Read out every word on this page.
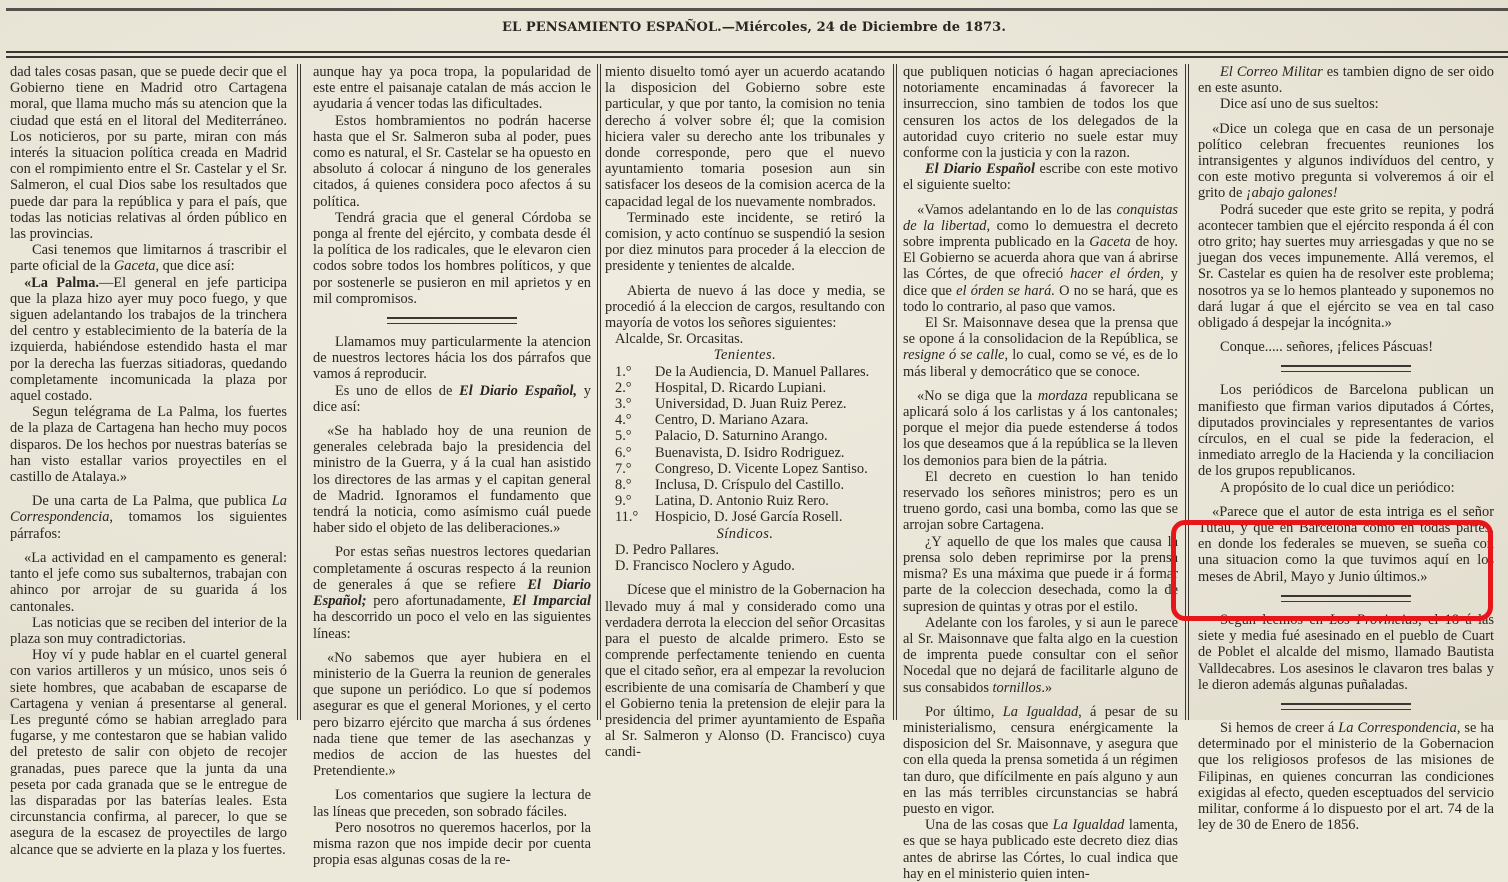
EL PENSAMIENTO ESPAÑOL.—Miércoles, 24 de Diciembre de 1873.

dad tales cosas pasan, que se puede decir que el Gobierno tiene en Madrid otro Cartagena moral, que llama mucho más su atencion que la ciudad que está en el litoral del Mediterráneo. Los noticieros, por su parte, miran con más interés la situacion política creada en Madrid con el rompimiento entre el Sr. Castelar y el Sr. Salmeron, el cual Dios sabe los resultados que puede dar para la república y para el país, que todas las noticias relativas al órden público en las provincias.

Casi tenemos que limitarnos á trascribir el parte oficial de la Gaceta, que dice así:

«La Palma.—El general en jefe participa que la plaza hizo ayer muy poco fuego, y que siguen adelantando los trabajos de la trinchera del centro y establecimiento de la batería de la izquierda, habiéndose estendido hasta el mar por la derecha las fuerzas sitiadoras, quedando completamente incomunicada la plaza por aquel costado.

Segun telégrama de La Palma, los fuertes de la plaza de Cartagena han hecho muy pocos disparos. De los hechos por nuestras baterías se han visto estallar varios proyectiles en el castillo de Atalaya.»

De una carta de La Palma, que publica La Correspondencia, tomamos los siguientes párrafos:

«La actividad en el campamento es general: tanto el jefe como sus subalternos, trabajan con ahinco por arrojar de su guarida á los cantonales.

Las noticias que se reciben del interior de la plaza son muy contradictorias.

Hoy ví y pude hablar en el cuartel general con varios artilleros y un músico, unos seis ó siete hombres, que acababan de escaparse de Cartagena y venian á presentarse al general. Les pregunté cómo se habian arreglado para fugarse, y me contestaron que se habian valido del pretesto de salir con objeto de recojer granadas, pues parece que la junta da una peseta por cada granada que se le entregue de las disparadas por las baterías leales. Esta circunstancia confirma, al parecer, lo que se asegura de la escasez de proyectiles de largo alcance que se advierte en la plaza y los fuertes.

aunque hay ya poca tropa, la popularidad de este entre el paisanaje catalan de más accion le ayudaria á vencer todas las dificultades.

Estos hombramientos no podrán hacerse hasta que el Sr. Salmeron suba al poder, pues como es natural, el Sr. Castelar se ha opuesto en absoluto á colocar á ninguno de los generales citados, á quienes considera poco afectos á su política.

Tendrá gracia que el general Córdoba se ponga al frente del ejército, y combata desde él la política de los radicales, que le elevaron cien codos sobre todos los hombres políticos, y que por sostenerle se pusieron en mil aprietos y en mil compromisos.

Llamamos muy particularmente la atencion de nuestros lectores hácia los dos párrafos que vamos á reproducir.

Es uno de ellos de El Diario Español, y dice así:

«Se ha hablado hoy de una reunion de generales celebrada bajo la presidencia del ministro de la Guerra, y á la cual han asistido los directores de las armas y el capitan general de Madrid. Ignoramos el fundamento que tendrá la noticia, como asímismo cuál puede haber sido el objeto de las deliberaciones.»

Por estas señas nuestros lectores quedarian completamente á oscuras respecto á la reunion de generales á que se refiere El Diario Español; pero afortunadamente, El Imparcial ha descorrido un poco el velo en las siguientes líneas:

«No sabemos que ayer hubiera en el ministerio de la Guerra la reunion de generales que supone un periódico. Lo que sí podemos asegurar es que el general Moriones, y el certo pero bizarro ejército que marcha á sus órdenes nada tiene que temer de las asechanzas y medios de accion de las huestes del Pretendiente.»

Los comentarios que sugiere la lectura de las líneas que preceden, son sobrado fáciles.

Pero nosotros no queremos hacerlos, por la misma razon que nos impide decir por cuenta propia esas algunas cosas de la re-

miento disuelto tomó ayer un acuerdo acatando la disposicion del Gobierno sobre este particular, y que por tanto, la comision no tenia derecho á volver sobre él; que la comision hiciera valer su derecho ante los tribunales y donde corresponde, pero que el nuevo ayuntamiento tomaria posesion aun sin satisfacer los deseos de la comision acerca de la capacidad legal de los nuevamente nombrados.

Terminado este incidente, se retiró la comision, y acto contínuo se suspendió la sesion por diez minutos para proceder á la eleccion de presidente y tenientes de alcalde.

Abierta de nuevo á las doce y media, se procedió á la eleccion de cargos, resultando con mayoría de votos los señores siguientes:

Alcalde, Sr. Orcasitas.

Tenientes.

1.°	De la Audiencia, D. Manuel Pallares.
2.°	Hospital, D. Ricardo Lupiani.
3.°	Universidad, D. Juan Ruiz Perez.
4.°	Centro, D. Mariano Azara.
5.°	Palacio, D. Saturnino Arango.
6.°	Buenavista, D. Isidro Rodriguez.
7.°	Congreso, D. Vicente Lopez Santiso.
8.°	Inclusa, D. Críspulo del Castillo.
9.°	Latina, D. Antonio Ruiz Rero.
11.°	Hospicio, D. José García Rosell.

Síndicos.

D. Pedro Pallares.

D. Francisco Noclero y Agudo.

Dícese que el ministro de la Gobernacion ha llevado muy á mal y considerado como una verdadera derrota la eleccion del señor Orcasitas para el puesto de alcalde primero. Esto se comprende perfectamente teniendo en cuenta que el citado señor, era al empezar la revolucion escribiente de una comisaría de Chamberí y que el Gobierno tenia la pretension de elejir para la presidencia del primer ayuntamiento de España al Sr. Salmeron y Alonso (D. Francisco) cuya candi-

que publiquen noticias ó hagan apreciaciones notoriamente encaminadas á favorecer la insurreccion, sino tambien de todos los que censuren los actos de los delegados de la autoridad cuyo criterio no suele estar muy conforme con la justicia y con la razon.

El Diario Español escribe con este motivo el siguiente suelto:

«Vamos adelantando en lo de las conquistas de la libertad, como lo demuestra el decreto sobre imprenta publicado en la Gaceta de hoy. El Gobierno se acuerda ahora que van á abrirse las Córtes, de que ofreció hacer el órden, y dice que el órden se hará. O no se hará, que es todo lo contrario, al paso que vamos.

El Sr. Maisonnave desea que la prensa que se opone á la consolidacion de la República, se resigne ó se calle, lo cual, como se vé, es de lo más liberal y democrático que se conoce.

«No se diga que la mordaza republicana se aplicará solo á los carlistas y á los cantonales; porque el mejor dia puede estenderse á todos los que deseamos que á la república se la lleven los demonios para bien de la pátria.

El decreto en cuestion lo han tenido reservado los señores ministros; pero es un trueno gordo, casi una bomba, como las que se arrojan sobre Cartagena.

¿Y aquello de que los males que causa la prensa solo deben reprimirse por la prensa misma? Es una máxima que puede ir á formar parte de la coleccion desechada, como la de supresion de quintas y otras por el estilo.

Adelante con los faroles, y si aun le parece al Sr. Maisonnave que falta algo en la cuestion de imprenta puede consultar con el señor Nocedal que no dejará de facilitarle alguno de sus consabidos tornillos.»

Por último, La Igualdad, á pesar de su ministerialismo, censura enérgicamente la disposicion del Sr. Maisonnave, y asegura que con ella queda la prensa sometida á un régimen tan duro, que difícilmente en país alguno y aun en las más terribles circunstancias se habrá puesto en vigor.

Una de las cosas que La Igualdad lamenta, es que se haya publicado este decreto diez dias antes de abrirse las Córtes, lo cual indica que hay en el ministerio quien inten-

El Correo Militar es tambien digno de ser oido en este asunto.

Dice así uno de sus sueltos:

«Dice un colega que en casa de un personaje político celebran frecuentes reuniones los intransigentes y algunos indivíduos del centro, y con este motivo pregunta si volveremos á oir el grito de ¡abajo galones!

Podrá suceder que este grito se repita, y podrá acontecer tambien que el ejército responda á él con otro grito; hay suertes muy arriesgadas y que no se juegan dos veces impunemente. Allá veremos, el Sr. Castelar es quien ha de resolver este problema; nosotros ya se lo hemos planteado y suponemos no dará lugar á que el ejército se vea en tal caso obligado á despejar la incógnita.»

Conque..... señores, ¡felices Páscuas!

Los periódicos de Barcelona publican un manifiesto que firman varios diputados á Córtes, diputados provinciales y representantes de varios círculos, en el cual se pide la federacion, el inmediato arreglo de la Hacienda y la conciliacion de los grupos republicanos.

A propósito de lo cual dice un periódico:

«Parece que el autor de esta intriga es el señor Tutau, y que en Barcelona como en todas partes, en donde los federales se mueven, se sueña con una situacion como la que tuvimos aquí en los meses de Abril, Mayo y Junio últimos.»

Segun leemos en Los Provincias, el 18 á las siete y media fué asesinado en el pueblo de Cuart de Poblet el alcalde del mismo, llamado Bautista Valldecabres. Los asesinos le clavaron tres balas y le dieron además algunas puñaladas.

Si hemos de creer á La Correspondencia, se ha determinado por el ministerio de la Gobernacion que los religiosos profesos de las misiones de Filipinas, en quienes concurran las condiciones exigidas al efecto, queden esceptuados del servicio militar, conforme á lo dispuesto por el art. 74 de la ley de 30 de Enero de 1856.
